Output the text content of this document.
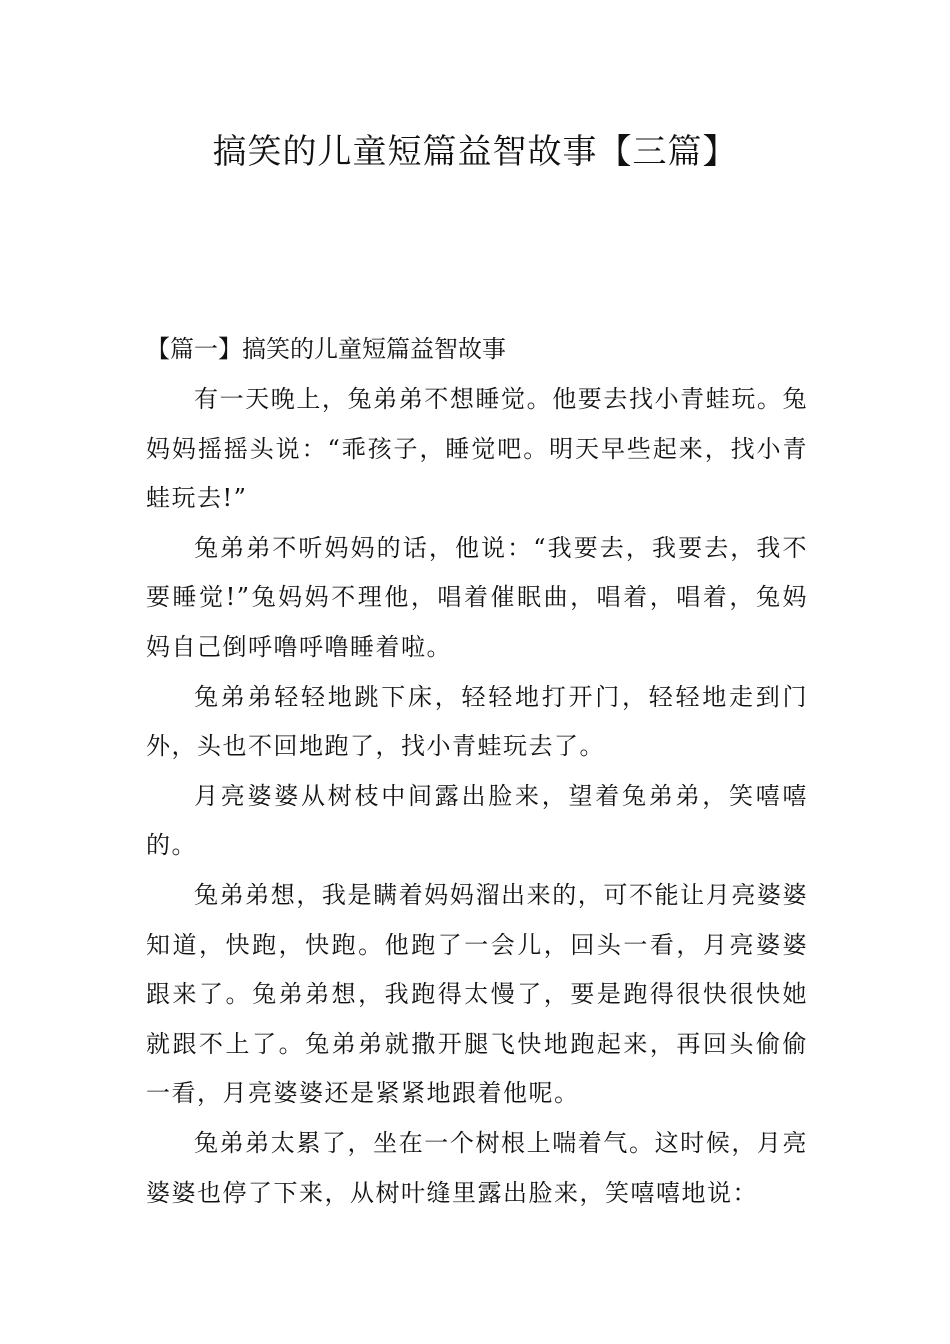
搞笑的儿童短篇益智故事【三篇】
【篇一】搞笑的儿童短篇益智故事

有一天晚上，兔弟弟不想睡觉。他要去找小青蛙玩。兔妈妈摇摇头说：“乖孩子，睡觉吧。明天早些起来，找小青蛙玩去!”

兔弟弟不听妈妈的话，他说：“我要去，我要去，我不要睡觉!”兔妈妈不理他，唱着催眠曲，唱着，唱着，兔妈妈自己倒呼噜呼噜睡着啦。

兔弟弟轻轻地跳下床，轻轻地打开门，轻轻地走到门外，头也不回地跑了，找小青蛙玩去了。

月亮婆婆从树枝中间露出脸来，望着兔弟弟，笑嘻嘻的。

兔弟弟想，我是瞒着妈妈溜出来的，可不能让月亮婆婆知道，快跑，快跑。他跑了一会儿，回头一看，月亮婆婆跟来了。兔弟弟想，我跑得太慢了，要是跑得很快很快她就跟不上了。兔弟弟就撒开腿飞快地跑起来，再回头偷偷一看，月亮婆婆还是紧紧地跟着他呢。

兔弟弟太累了，坐在一个树根上喘着气。这时候，月亮婆婆也停了下来，从树叶缝里露出脸来，笑嘻嘻地说：
